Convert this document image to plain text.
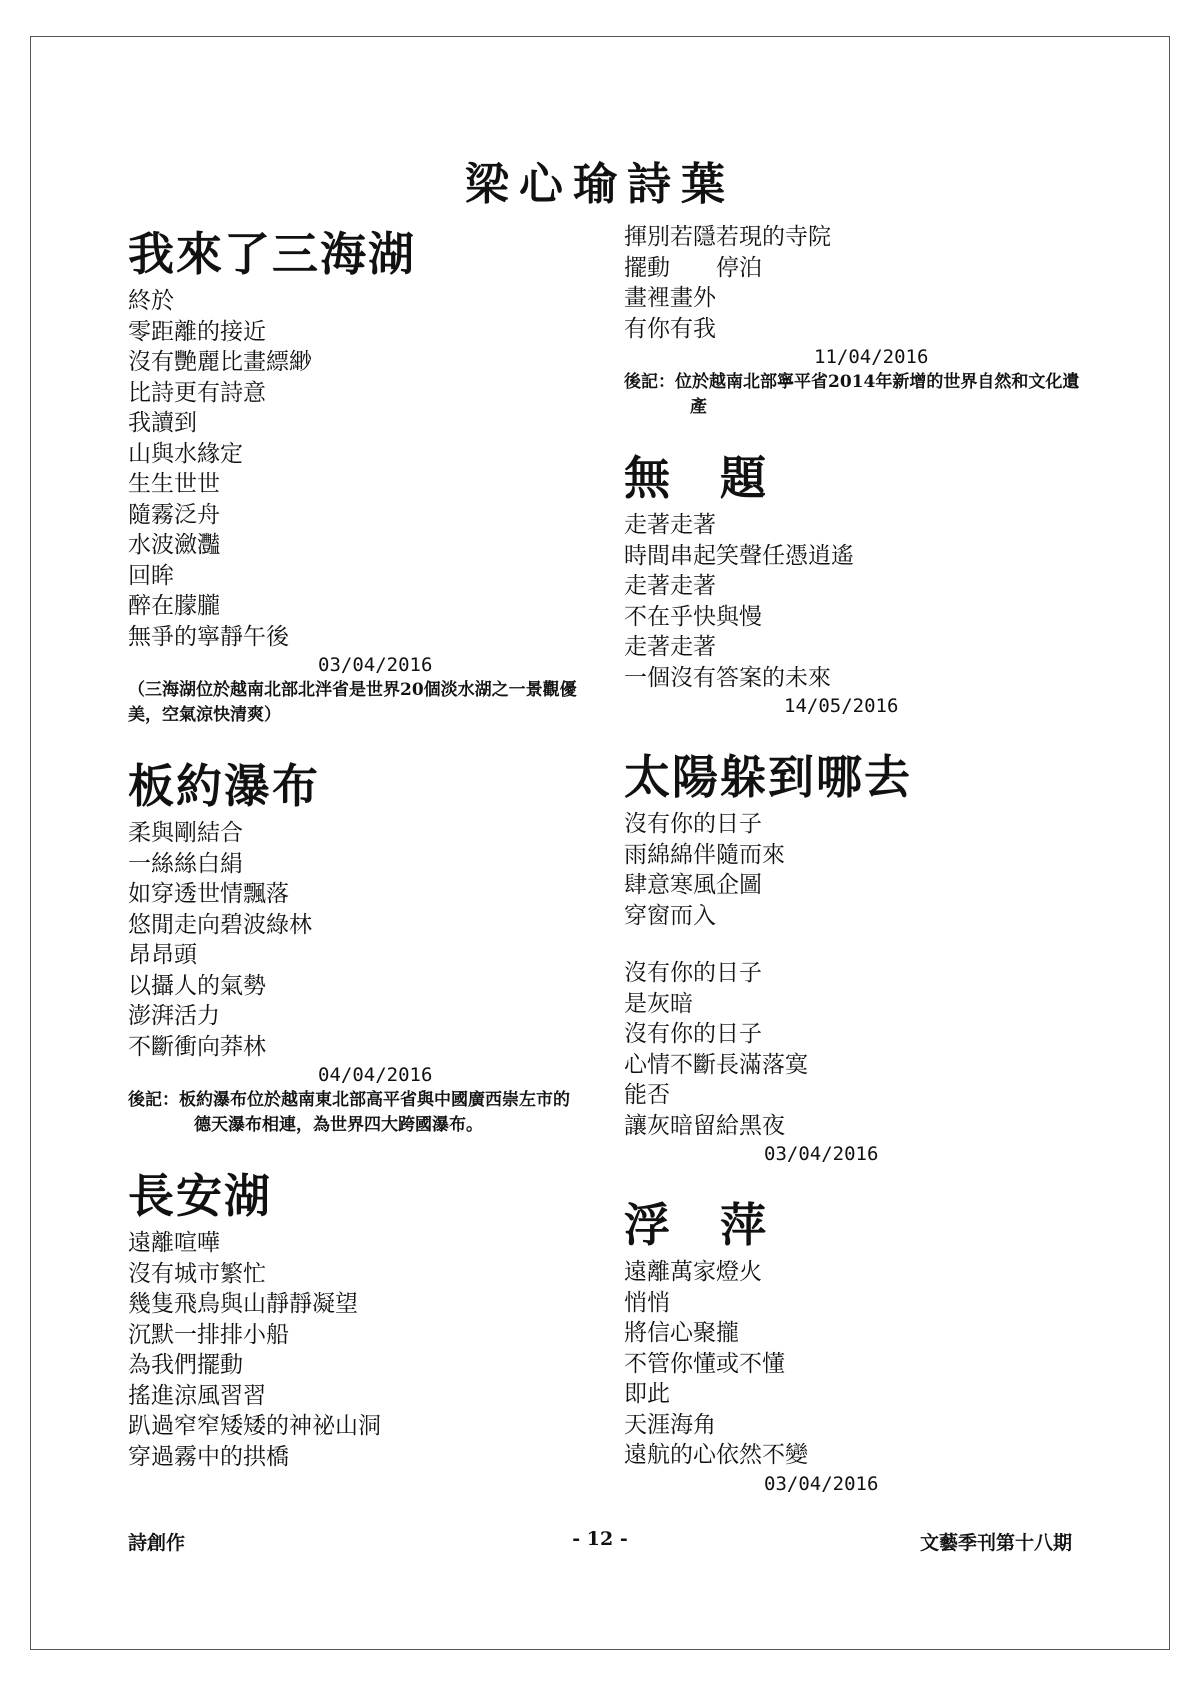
梁心瑜詩葉
我來了三海湖
終於
零距離的接近
沒有艷麗比畫縹緲
比詩更有詩意
我讀到
山與水緣定
生生世世
隨霧泛舟
水波瀲灩
回眸
醉在朦朧
無爭的寧靜午後
03/04/2016
（三海湖位於越南北部北泮省是世界20個淡水湖之一景觀優美，空氣涼快清爽）
板約瀑布
柔與剛結合
一絲絲白絹
如穿透世情飄落
悠閒走向碧波綠林
昂昂頭
以攝人的氣勢
澎湃活力
不斷衝向莽林
04/04/2016
後記：板約瀑布位於越南東北部高平省與中國廣西崇左市的德天瀑布相連，為世界四大跨國瀑布。
長安湖
遠離喧嘩
沒有城市繁忙
幾隻飛鳥與山靜靜凝望
沉默一排排小船
為我們擺動
搖進涼風習習
趴過窄窄矮矮的神祕山洞
穿過霧中的拱橋
揮別若隱若現的寺院
擺動　　停泊
畫裡畫外
有你有我
11/04/2016
後記：位於越南北部寧平省2014年新增的世界自然和文化遺產
無　題
走著走著
時間串起笑聲任憑逍遙
走著走著
不在乎快與慢
走著走著
一個沒有答案的未來
14/05/2016
太陽躲到哪去
沒有你的日子
雨綿綿伴隨而來
肆意寒風企圖
穿窗而入
沒有你的日子
是灰暗
沒有你的日子
心情不斷長滿落寞
能否
讓灰暗留給黑夜
03/04/2016
浮　萍
遠離萬家燈火
悄悄
將信心聚攏
不管你懂或不懂
即此
天涯海角
遠航的心依然不變
03/04/2016
詩創作	- 12 -	文藝季刊第十八期
